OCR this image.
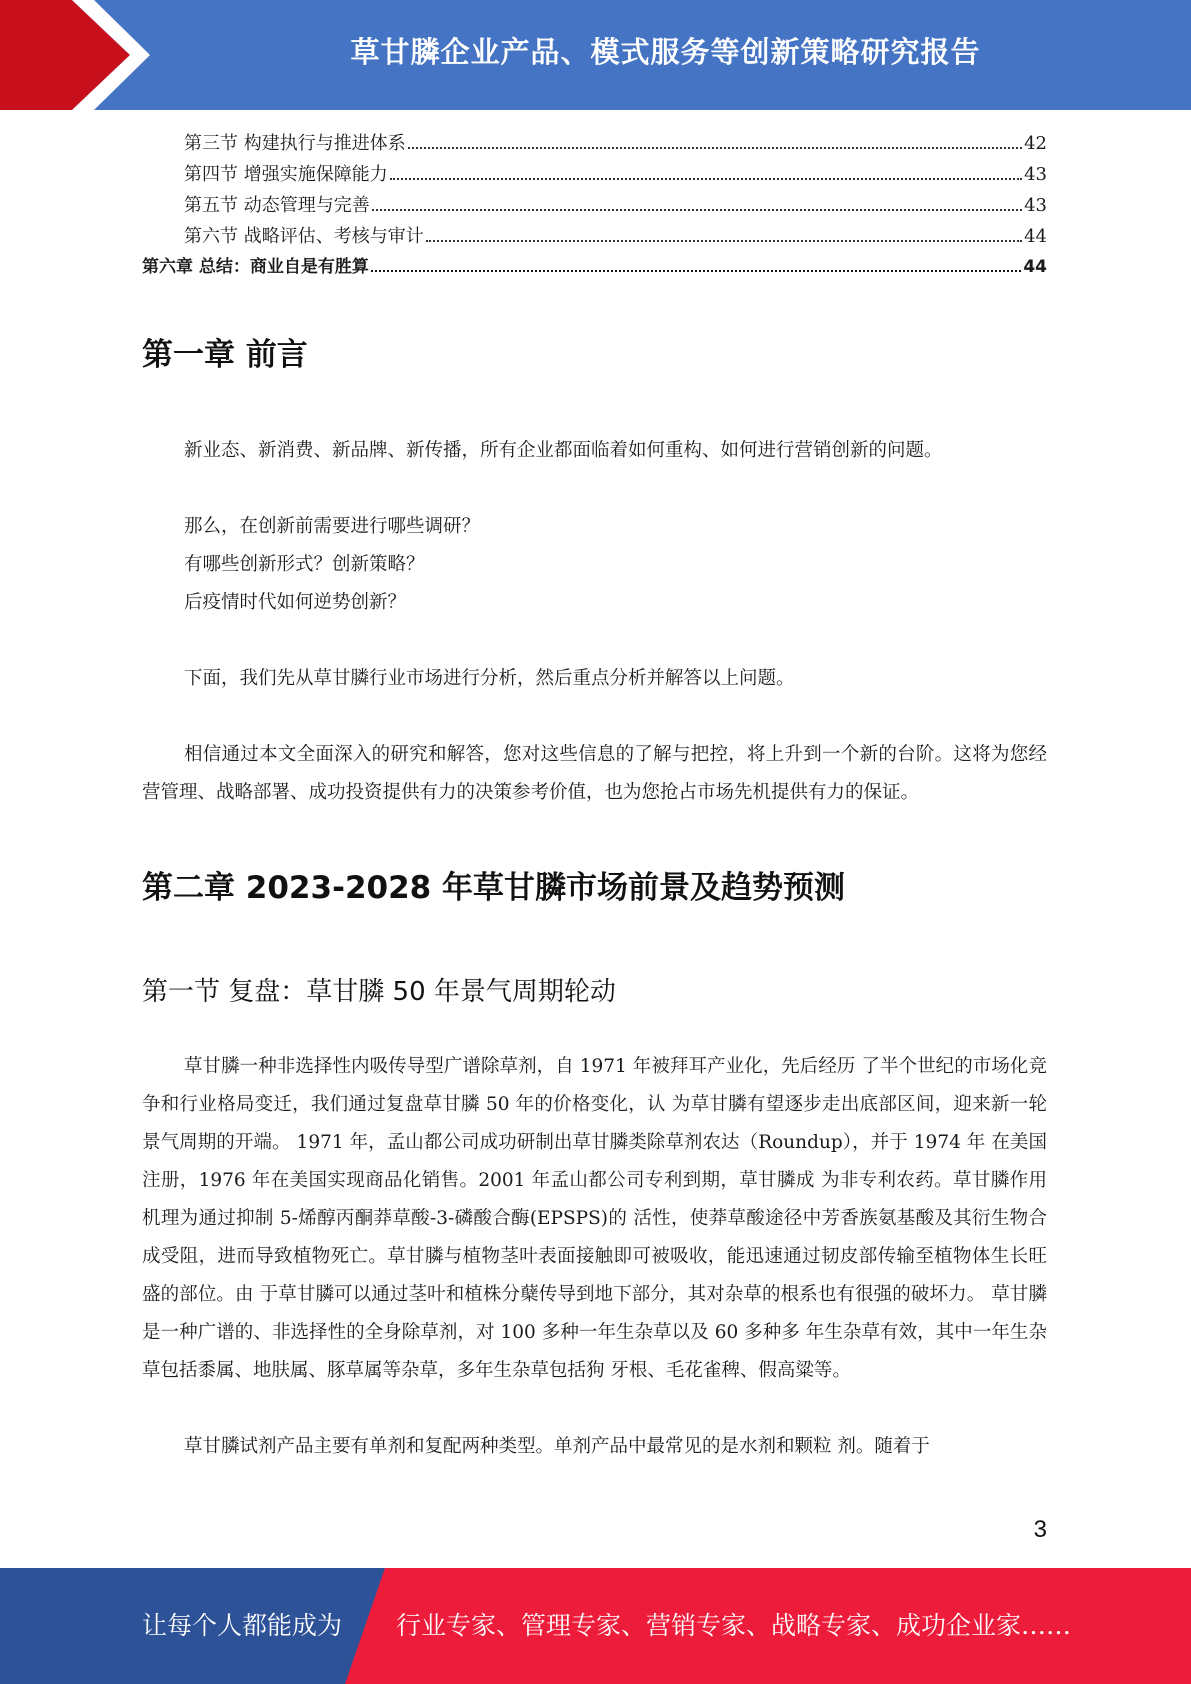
草甘膦企业产品、模式服务等创新策略研究报告
第三节 构建执行与推进体系	42
第四节 增强实施保障能力	43
第五节 动态管理与完善	43
第六节 战略评估、考核与审计	44
第六章 总结：商业自是有胜算	44
第一章 前言

新业态、新消费、新品牌、新传播，所有企业都面临着如何重构、如何进行营销创新的问题。

那么，在创新前需要进行哪些调研？

有哪些创新形式？创新策略？

后疫情时代如何逆势创新？

下面，我们先从草甘膦行业市场进行分析，然后重点分析并解答以上问题。

相信通过本文全面深入的研究和解答，您对这些信息的了解与把控，将上升到一个新的台阶。这将为您经营管理、战略部署、成功投资提供有力的决策参考价值，也为您抢占市场先机提供有力的保证。

第二章 2023-2028 年草甘膦市场前景及趋势预测
第一节 复盘：草甘膦 50 年景气周期轮动

草甘膦一种非选择性内吸传导型广谱除草剂，自 1971 年被拜耳产业化，先后经历 了半个世纪的市场化竞争和行业格局变迁，我们通过复盘草甘膦 50 年的价格变化，认 为草甘膦有望逐步走出底部区间，迎来新一轮景气周期的开端。 1971 年，孟山都公司成功研制出草甘膦类除草剂农达（Roundup），并于 1974 年 在美国注册，1976 年在美国实现商品化销售。2001 年孟山都公司专利到期，草甘膦成 为非专利农药。草甘膦作用机理为通过抑制 5-烯醇丙酮莽草酸-3-磷酸合酶(EPSPS)的 活性，使莽草酸途径中芳香族氨基酸及其衍生物合成受阻，进而导致植物死亡。草甘膦与植物茎叶表面接触即可被吸收，能迅速通过韧皮部传输至植物体生长旺盛的部位。由 于草甘膦可以通过茎叶和植株分蘖传导到地下部分，其对杂草的根系也有很强的破坏力。 草甘膦是一种广谱的、非选择性的全身除草剂，对 100 多种一年生杂草以及 60 多种多 年生杂草有效，其中一年生杂草包括黍属、地肤属、豚草属等杂草，多年生杂草包括狗 牙根、毛花雀稗、假高粱等。

草甘膦试剂产品主要有单剂和复配两种类型。单剂产品中最常见的是水剂和颗粒 剂。随着于

3
让每个人都能成为 行业专家、管理专家、营销专家、战略专家、成功企业家……
